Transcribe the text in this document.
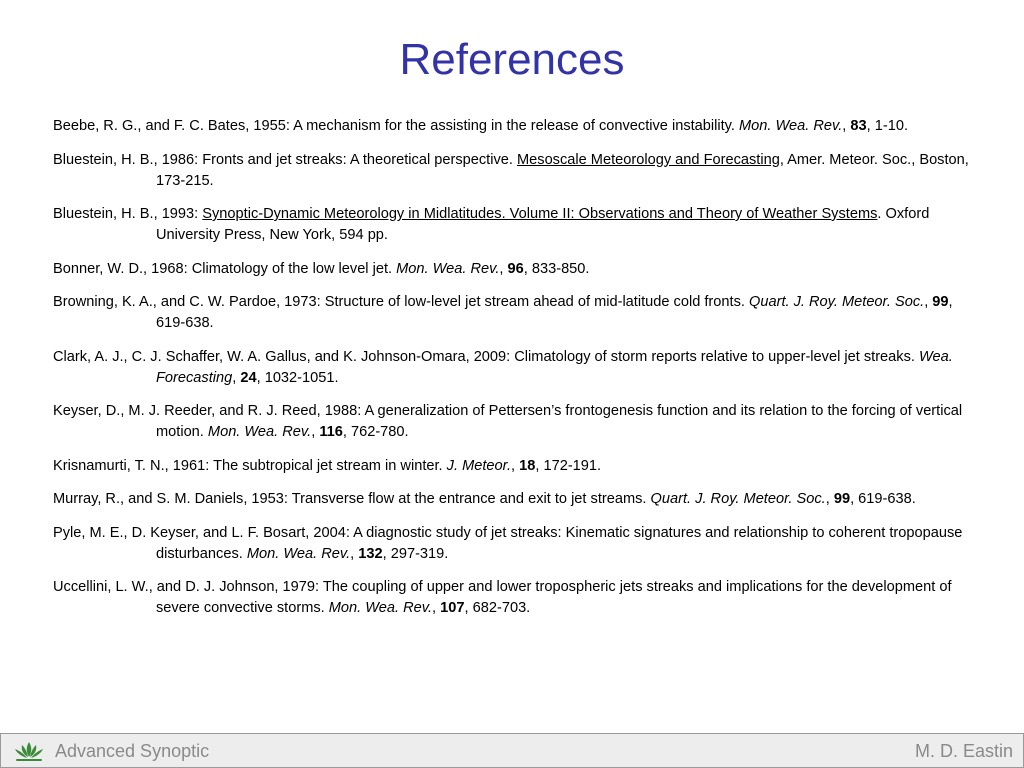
References
Beebe, R. G., and F. C. Bates, 1955: A mechanism for the assisting in the release of convective instability. Mon. Wea. Rev., 83, 1-10.
Bluestein, H. B., 1986: Fronts and jet streaks: A theoretical perspective. Mesoscale Meteorology and Forecasting, Amer. Meteor. Soc., Boston, 173-215.
Bluestein, H. B., 1993: Synoptic-Dynamic Meteorology in Midlatitudes. Volume II: Observations and Theory of Weather Systems. Oxford University Press, New York, 594 pp.
Bonner, W. D., 1968: Climatology of the low level jet. Mon. Wea. Rev., 96, 833-850.
Browning, K. A., and C. W. Pardoe, 1973: Structure of low-level jet stream ahead of mid-latitude cold fronts. Quart. J. Roy. Meteor. Soc., 99, 619-638.
Clark, A. J., C. J. Schaffer, W. A. Gallus, and K. Johnson-Omara, 2009: Climatology of storm reports relative to upper-level jet streaks. Wea. Forecasting, 24, 1032-1051.
Keyser, D., M. J. Reeder, and R. J. Reed, 1988: A generalization of Pettersen’s frontogenesis function and its relation to the forcing of vertical motion. Mon. Wea. Rev., 116, 762-780.
Krisnamurti, T. N., 1961: The subtropical jet stream in winter. J. Meteor., 18, 172-191.
Murray, R., and S. M. Daniels, 1953: Transverse flow at the entrance and exit to jet streams. Quart. J. Roy. Meteor. Soc., 99, 619-638.
Pyle, M. E., D. Keyser, and L. F. Bosart, 2004: A diagnostic study of jet streaks: Kinematic signatures and relationship to coherent tropopause disturbances. Mon. Wea. Rev., 132, 297-319.
Uccellini, L. W., and D. J. Johnson, 1979: The coupling of upper and lower tropospheric jets streaks and implications for the development of severe convective storms. Mon. Wea. Rev., 107, 682-703.
Advanced Synoptic	M. D. Eastin
